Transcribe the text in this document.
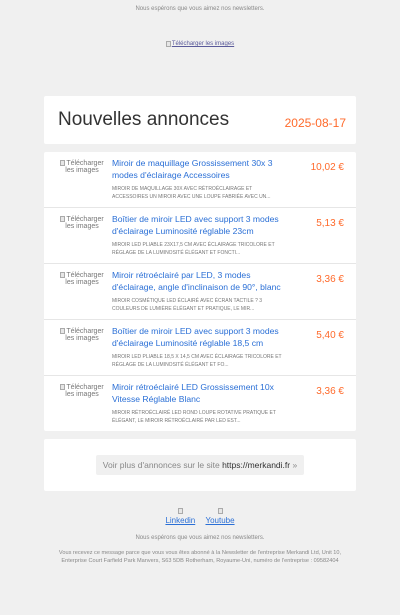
Nous espérons que vous aimez nos newsletters.
Télécharger les images
Nouvelles annonces	2025-08-17
Télécharger les images

Miroir de maquillage Grossissement 30x 3 modes d'éclairage Accessoires

MIROIR DE MAQUILLAGE 30X AVEC RÉTROÉCLAIRAGE ET ACCESSOIRES UN MIROIR AVEC UNE LOUPE FABRIÉE AVEC UN...
10,02 €
Télécharger les images

Boîtier de miroir LED avec support 3 modes d'éclairage Luminosité réglable 23cm

MIROIR LED PLIABLE 23X17,5 CM AVEC ÉCLAIRAGE TRICOLORE ET RÉGLAGE DE LA LUMINOSITÉ ÉLÉGANT ET FONCTI...
5,13 €
Télécharger les images

Miroir rétroéclairé par LED, 3 modes d'éclairage, angle d'inclinaison de 90°, blanc

MIROIR COSMÉTIQUE LED ÉCLAIRÉ AVEC ÉCRAN TACTILE ? 3 COULEURS DE LUMIÈRE ÉLÉGANT ET PRATIQUE, LE MIR...
3,36 €
Télécharger les images

Boîtier de miroir LED avec support 3 modes d'éclairage Luminosité réglable 18,5 cm

MIROIR LED PLIABLE 18,5 X 14,5 CM AVEC ÉCLAIRAGE TRICOLORE ET RÉGLAGE DE LA LUMINOSITÉ ÉLÉGANT ET FO...
5,40 €
Télécharger les images

Miroir rétroéclairé LED Grossissement 10x Vitesse Réglable Blanc

MIROIR RÉTROÉCLAIRÉ LED ROND LOUPE ROTATIVE PRATIQUE ET ÉLÉGANT, LE MIROIR RÉTROÉCLAIRÉ PAR LED EST...
3,36 €
Voir plus d'annonces sur le site https://merkandi.fr »

Linkedin Youtube
Nous espérons que vous aimez nos newsletters.
Vous recevez ce message parce que vous vous êtes abonné à la Newsletter de l'entreprise Merkandi Ltd, Unit 10, Enterprise Court Farfield Park Manvers, S63 5DB Rotherham, Royaume-Uni, numéro de l'entreprise : 09582404
